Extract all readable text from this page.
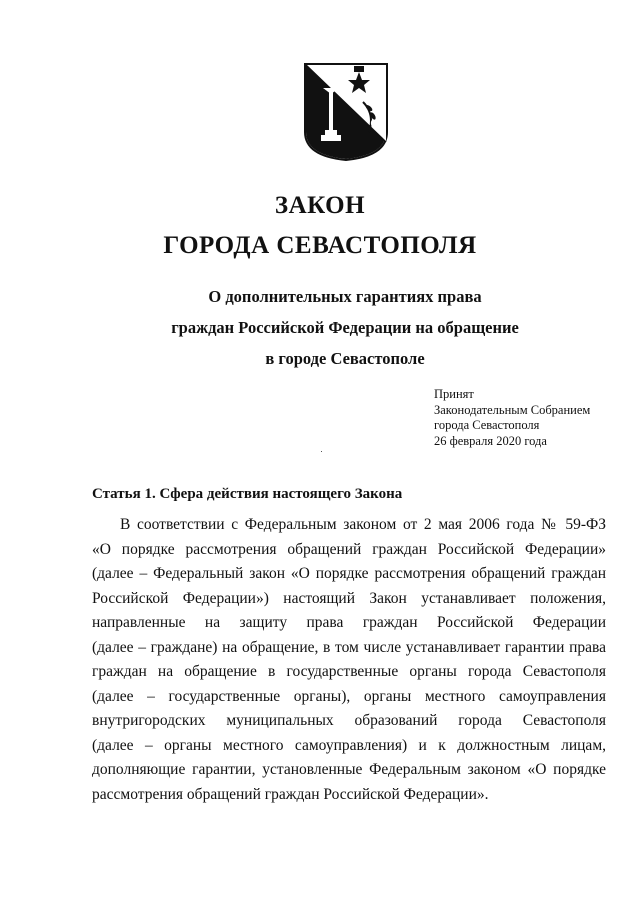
ЗАКОН
ГОРОДА СЕВАСТОПОЛЯ
О дополнительных гарантиях права
граждан Российской Федерации на обращение
в городе Севастополе
Принят
Законодательным Собранием
города Севастополя
26 февраля 2020 года
Статья 1. Сфера действия настоящего Закона
В соответствии с Федеральным законом от 2 мая 2006 года № 59-ФЗ
«О порядке рассмотрения обращений граждан Российской Федерации»
(далее – Федеральный закон «О порядке рассмотрения обращений граждан
Российской Федерации») настоящий Закон устанавливает положения,
направленные на защиту права граждан Российской Федерации
(далее – граждане) на обращение, в том числе устанавливает гарантии права
граждан на обращение в государственные органы города Севастополя
(далее – государственные органы), органы местного самоуправления
внутригородских муниципальных образований города Севастополя
(далее – органы местного самоуправления) и к должностным лицам,
дополняющие гарантии, установленные Федеральным законом «О порядке
рассмотрения обращений граждан Российской Федерации».
